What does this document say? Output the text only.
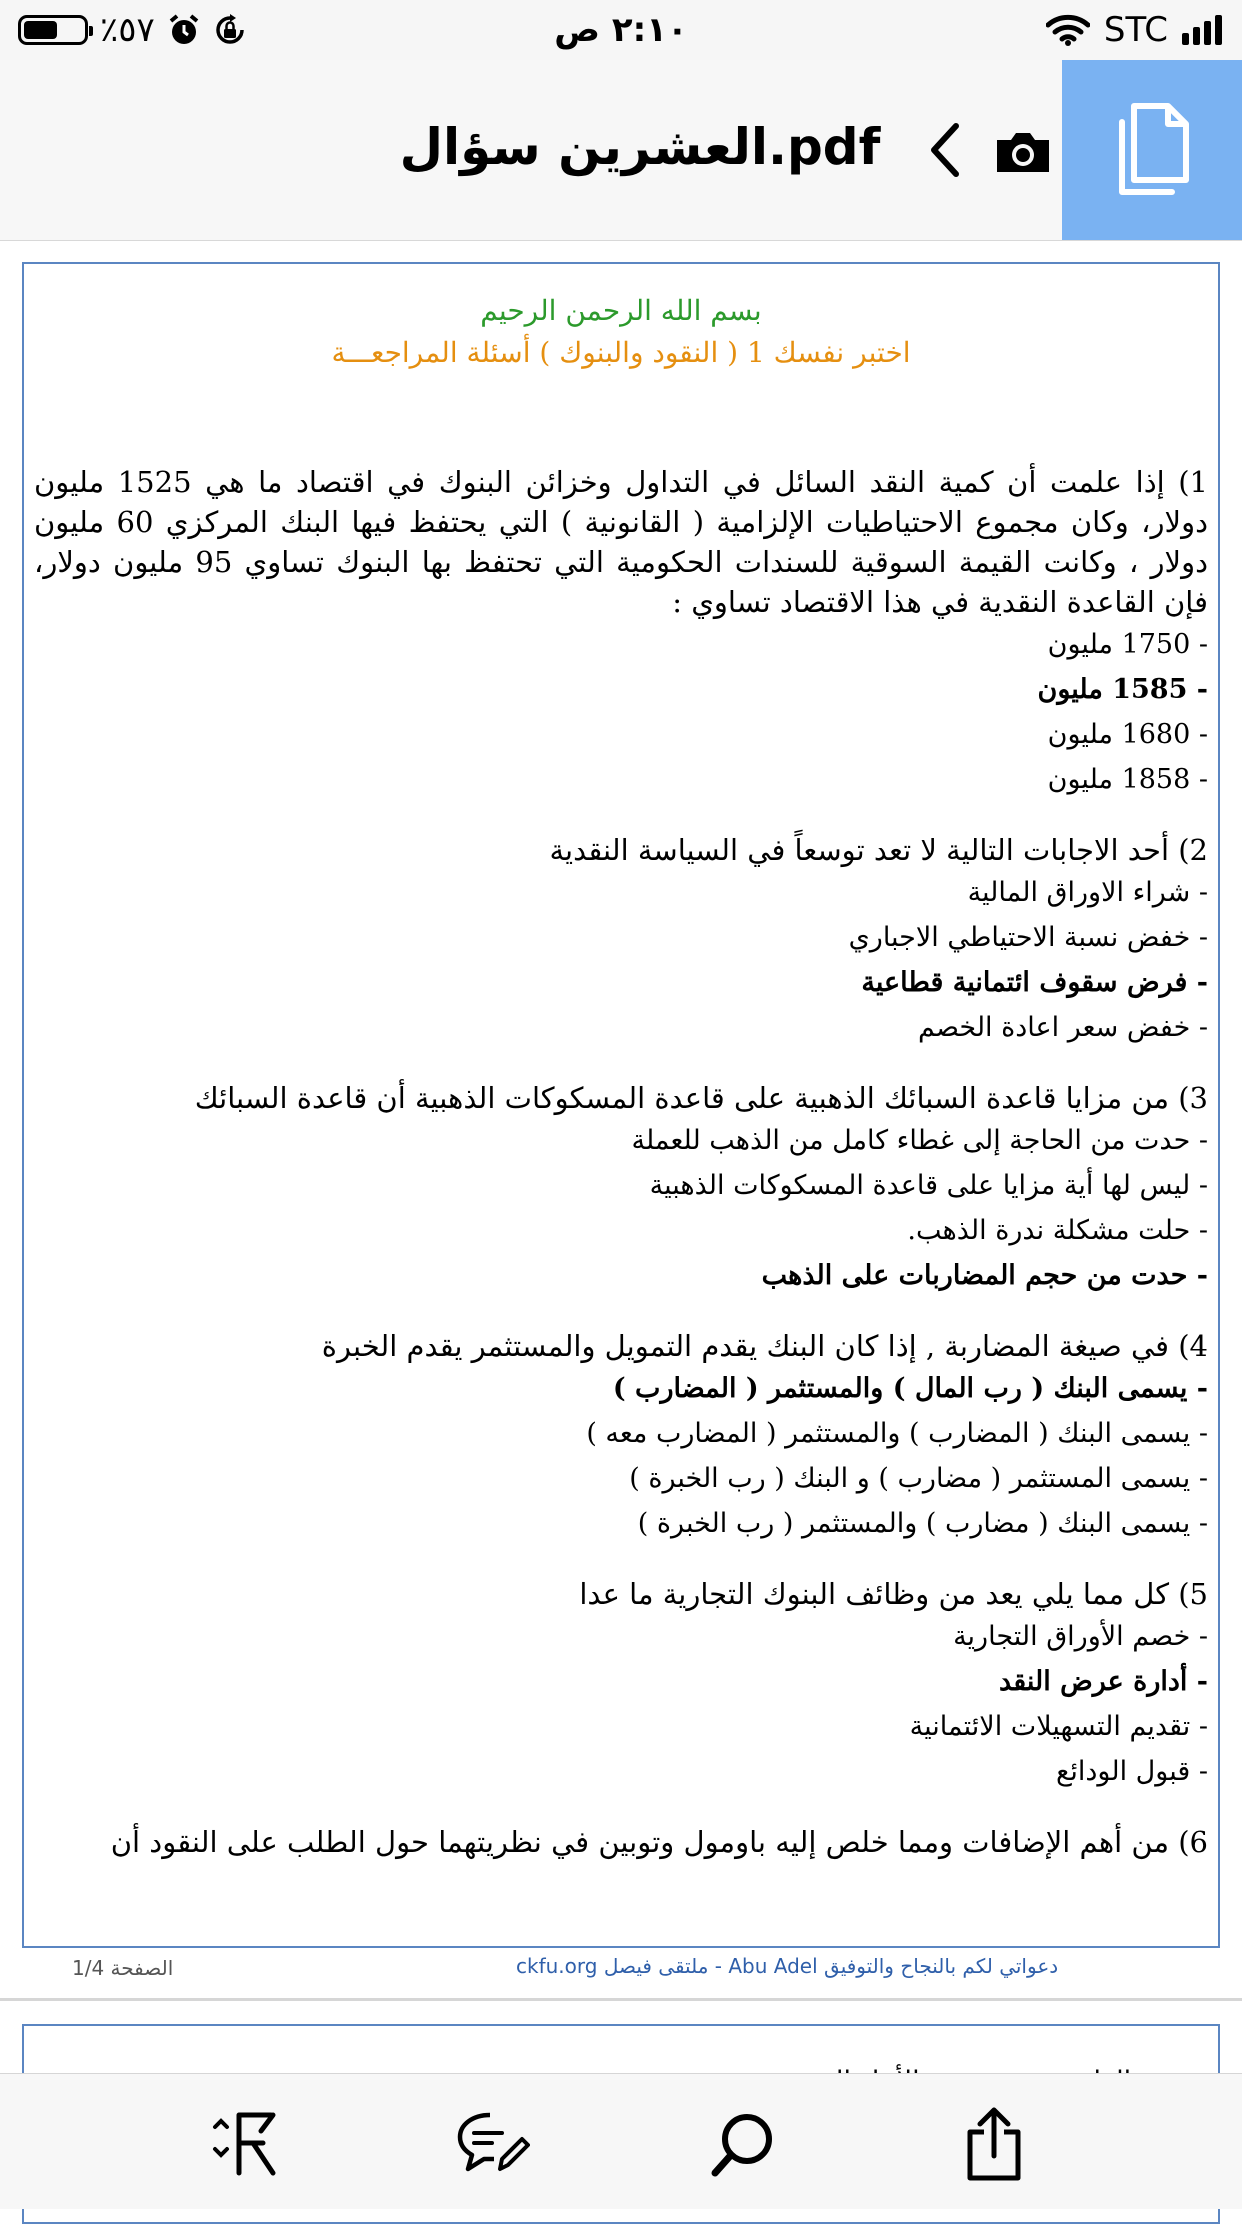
٪٥٧	٢:١٠ ص	STC
العشرين سؤال.pdf
بسم الله الرحمن الرحيم
اختبر نفسك 1 ( النقود والبنوك ) أسئلة المراجعـــة

1) إذا علمت أن كمية النقد السائل في التداول وخزائن البنوك في اقتصاد ما هي 1525 مليون دولار، وكان مجموع الاحتياطيات الإلزامية ( القانونية ) التي يحتفظ فيها البنك المركزي 60 مليون دولار ، وكانت القيمة السوقية للسندات الحكومية التي تحتفظ بها البنوك تساوي 95 مليون دولار، فإن القاعدة النقدية في هذا الاقتصاد تساوي :

- 1750 مليون

- 1585 مليون

- 1680 مليون

- 1858 مليون

2) أحد الاجابات التالية لا تعد توسعاً في السياسة النقدية

- شراء الاوراق المالية

- خفض نسبة الاحتياطي الاجباري

- فرض سقوف ائتمانية قطاعية

- خفض سعر اعادة الخصم

3) من مزايا قاعدة السبائك الذهبية على قاعدة المسكوكات الذهبية أن قاعدة السبائك

- حدت من الحاجة إلى غطاء كامل من الذهب للعملة

- ليس لها أية مزايا على قاعدة المسكوكات الذهبية

- حلت مشكلة ندرة الذهب.

- حدت من حجم المضاربات على الذهب

4) في صيغة المضاربة , إذا كان البنك يقدم التمويل والمستثمر يقدم الخبرة

- يسمى البنك ( رب المال ) والمستثمر ( المضارب )

- يسمى البنك ( المضارب ) والمستثمر ( المضارب معه )

- يسمى المستثمر ( مضارب ) و البنك ( رب الخبرة )

- يسمى البنك ( مضارب ) والمستثمر ( رب الخبرة )

5) كل مما يلي يعد من وظائف البنوك التجارية ما عدا

- خصم الأوراق التجارية

- أدارة عرض النقد

- تقديم التسهيلات الائتمانية

- قبول الودائع

6) من أهم الإضافات ومما خلص إليه باومول وتوبين في نظريتهما حول الطلب على النقود أن

دعواتي لكم بالنجاح والتوفيق Abu Adel - ملتقى فيصل ckfu.org
الصفحة 1/4
